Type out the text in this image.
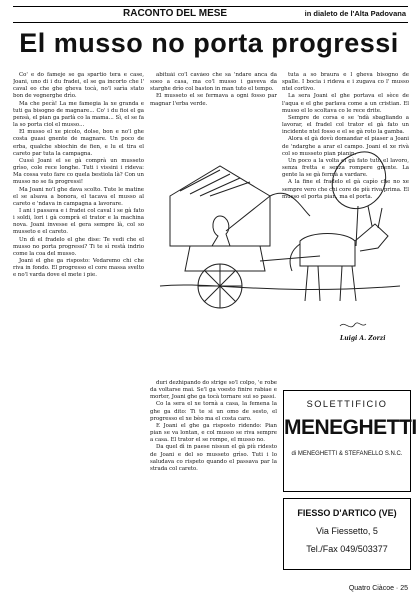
RACONTO DEL MESE	in dialeto de l'Alta Padovana
El musso no porta progressi

Co' e do fameje se ga spartio tera e case, Joani, uno di i du fradei, el se ga incorto che l' caval eo che ghe gheva tocà, no'l sarìa stato bon de vegnerghe drìo.

Ma che pecà! La me famegia la xe granda e tuti ga bisogno de magnare... Co' i du fioi el ga pensà, el pian ga parlà co la mama... Sì, el se fa la so porta ciol el musso...

El musso el xe picolo, dolse, bon e no'l ghe costa guasi gnente de magnare. Un poco de erba, qualche sbiochin de fien, e lu el tira el careto par tuta la campagna.

Cussì Joani el se gà comprà un musseto grìso, cole rece longhe. Tuti i vissini i rideva: Ma cossa vuto fare co quela bestiola là? Con un musso no se fa progressi!

Ma Joani no'l ghe dava scolto. Tute le matine el se alsava a bonora, el tacava el musso al careto e 'ndava in campagna a lavorare.

I ani i passava e i fradei col caval i se gà fato i soldi, lori i gà comprà el trator e la machina nova. Joani invesse el gera sempre là, col so musseto e el careto.

Un dì el fradelo el ghe dise: Te vedi che el musso no porta progressi? Ti te sì restà indrio come la coa del musso.

Joani el ghe ga risposto: Vedaremo chi che riva in fondo. El progresso el core massa svelto e no'l varda dove el mete i pie.

abituài co'l cavàeo che sa 'ndare anca da soeo a casa, ma co'l musso i gaveva da starghe drìo col baston in man tuto el tempo.

El musseto el se fermava a ogni fosso par magnar l'erba verde.

tuta a so braura e l gheva bisogno de spalle. I bocia i rideva e i zugava co l' musso ntel cortivo.

La sera Joani el ghe portava el sèce de l'aqua e el ghe parlava come a un cristian. El musso el lo scoltava co le rece drite.

Sempre de corsa e se 'ndà sbagliando a lavorar, el fradel col trator el gà fato un incidente ntel fosso e el se gà roto la gamba.

Alora el gà dovù domandar el piaser a Joani de 'ndarghe a arar el campo. Joani el xe rivà col so musseto pian pianin.

Un poco a la volta el gà fato tuto el lavoro, senza fretta e senza rompere gnente. La gente la se gà fermà a vardare.

A la fine el fradelo el gà capìo che no xe sempre vero che chi core de più riva prima. El musso el porta pian, ma el porta.

Luigi A. Zorzi

duri dezhipando do strige so'l colpo, 'e robe da voltarse mai. Se'l ga voesto finire rabiae e morter, Joani ghe ga tocà tornare sui so passi.

Co la sera el xe tornà a casa, la femena la ghe ga dito: Ti te si un omo de sesto, el progresso el xe bèo ma el costa caro.

E Joani el ghe ga risposto ridendo: Pian pian se va lontan, e col musso se riva sempre a casa. El trator el se rompe, el musso no.

Da quel dì in paese nissun el gà più ridesto de Joani e del so musseto grìso. Tuti i lo saludava co rispeto quando el passava par la strada col careto.

SOLETTIFICIO
MENEGHETTI
di MENEGHETTI & STEFANELLO S.N.C.
FIESSO D'ARTICO (VE)
Via Fiessetto, 5
Tel./Fax 049/503377
Quatro Ciàcoe · 25
